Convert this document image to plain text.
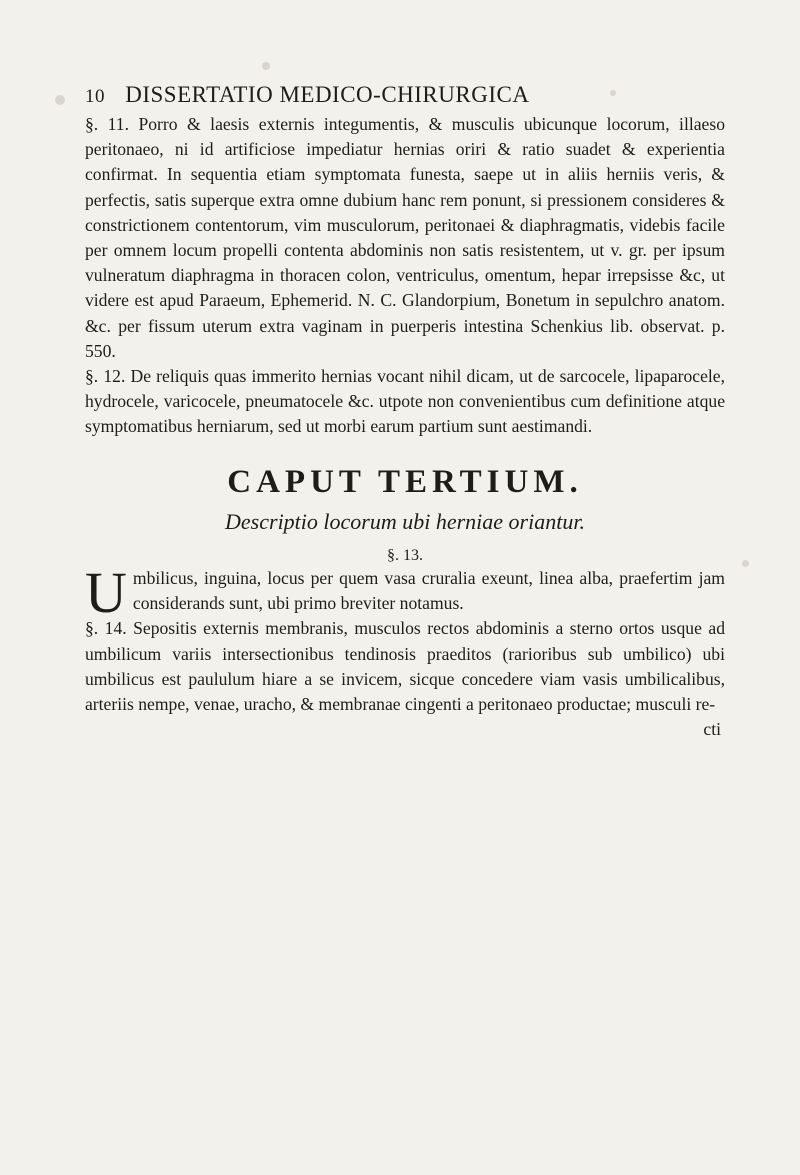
10 DISSERTATIO MEDICO-CHIRURGICA

§. 11. Porro & laesis externis integumentis, & musculis ubicunque locorum, illaeso peritonaeo, ni id artificiose impediatur hernias oriri & ratio suadet & experientia confirmat. In sequentia etiam symptomata funesta, saepe ut in aliis herniis veris, & perfectis, satis superque extra omne dubium hanc rem ponunt, si pressionem consideres & constrictionem contentorum, vim musculorum, peritonaei & diaphragmatis, videbis facile per omnem locum propelli contenta abdominis non satis resistentem, ut v. gr. per ipsum vulneratum diaphragma in thoracen colon, ventriculus, omentum, hepar irrepsisse &c, ut videre est apud Paraeum, Ephemerid. N. C. Glandorpium, Bonetum in sepulchro anatom. &c. per fissum uterum extra vaginam in puerperis intestina Schenkius lib. observat. p. 550.

§. 12. De reliquis quas immerito hernias vocant nihil dicam, ut de sarcocele, lipaparocele, hydrocele, varicocele, pneumatocele &c. utpote non convenientibus cum definitione atque symptomatibus herniarum, sed ut morbi earum partium sunt aestimandi.

CAPUT TERTIUM.
Descriptio locorum ubi herniae oriantur.

§. 13.

U mbilicus, inguina, locus per quem vasa cruralia exeunt, linea alba, praefertim jam considerands sunt, ubi primo breviter notamus.

§. 14. Sepositis externis membranis, musculos rectos abdominis a sterno ortos usque ad umbilicum variis intersectionibus tendinosis praeditos (rarioribus sub umbilico) ubi umbilicus est paululum hiare a se invicem, sicque concedere viam vasis umbilicalibus, arteriis nempe, venae, uracho, & membranae cingenti a peritonaeo productae; musculi re-

cti
